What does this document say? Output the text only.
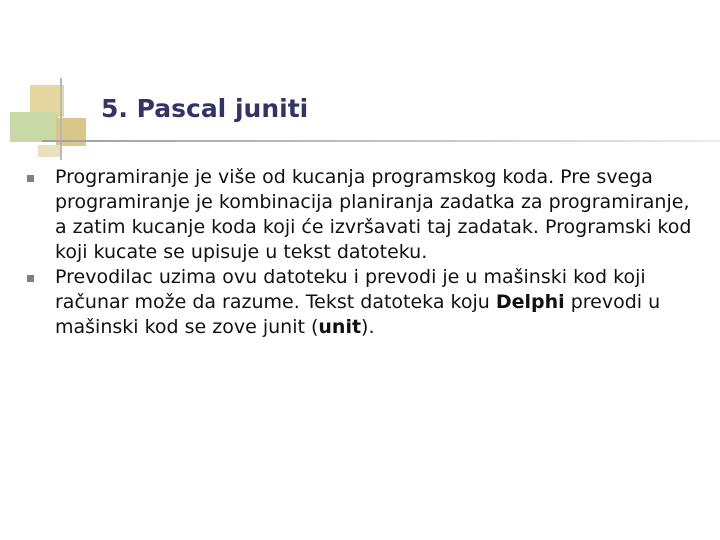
5. Pascal juniti
Programiranje je više od kucanja programskog koda. Pre svega programiranje je kombinacija planiranja zadatka za programiranje, a zatim kucanje koda koji će izvršavati taj zadatak. Programski kod koji kucate se upisuje u tekst datoteku.
Prevodilac uzima ovu datoteku i prevodi je u mašinski kod koji računar može da razume. Tekst datoteka koju Delphi prevodi u mašinski kod se zove junit (unit).
